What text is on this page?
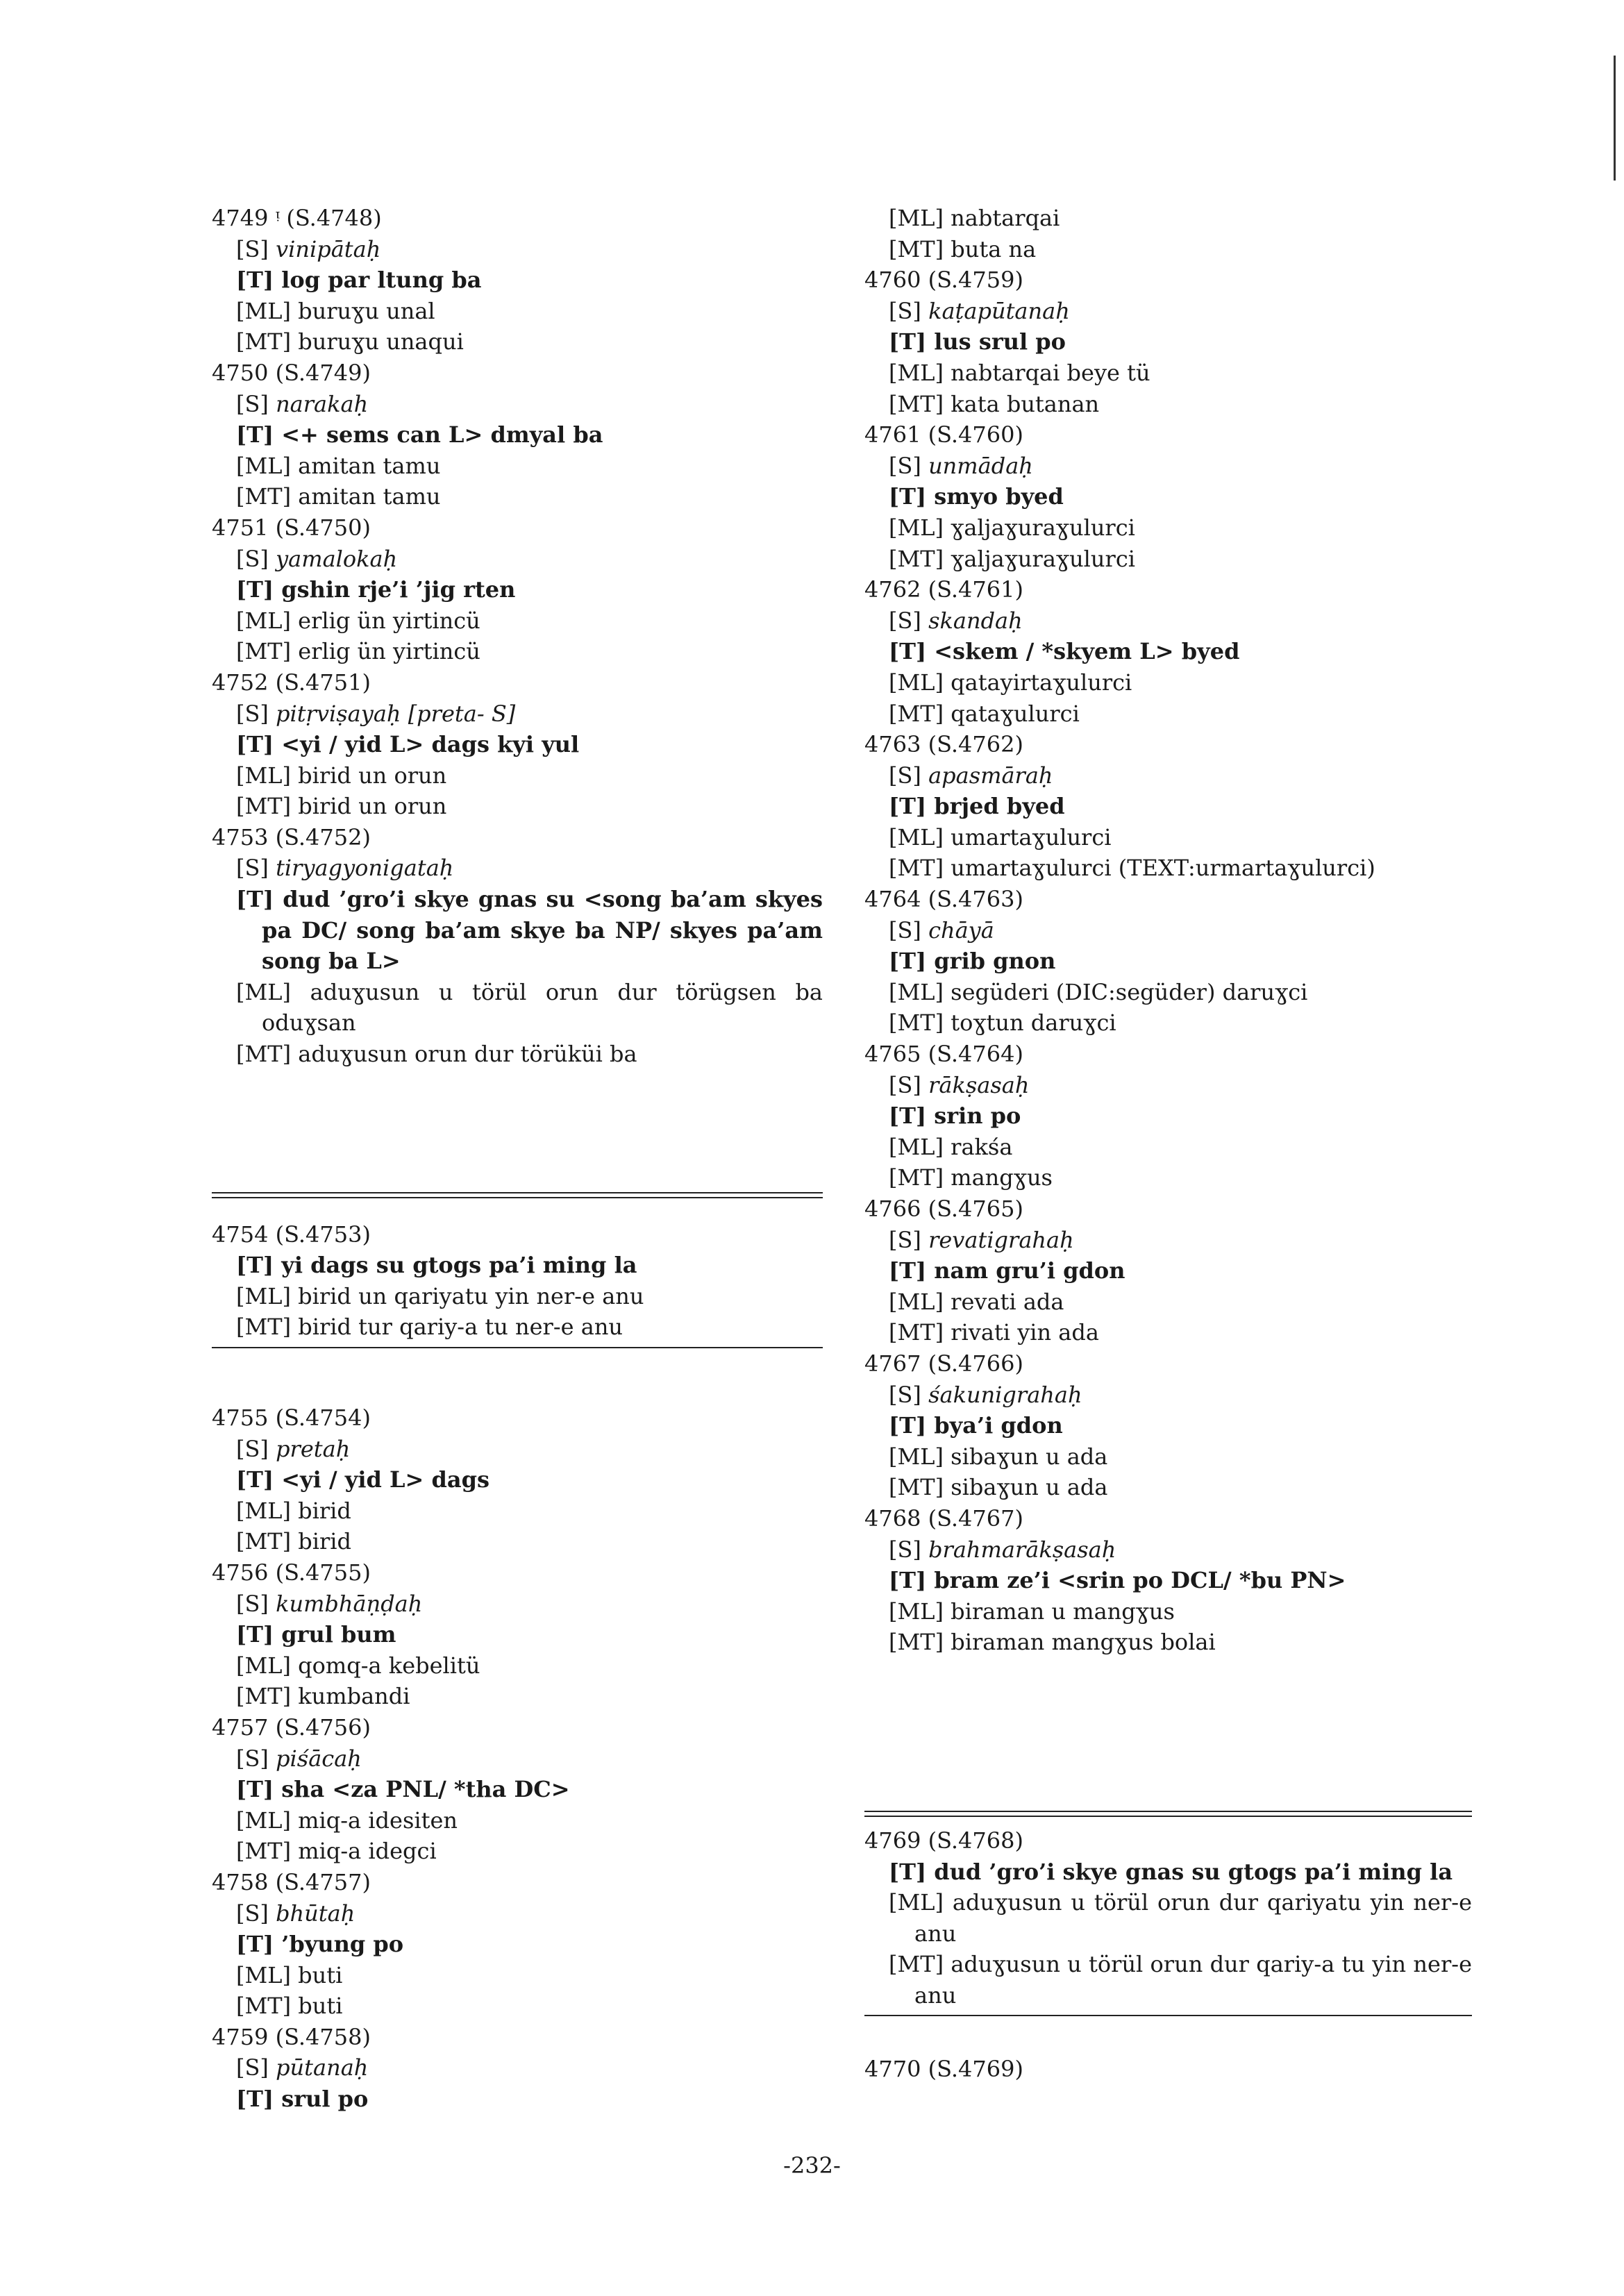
4749 ᵎ (S.4748)
[S] vinipātaḥ
[T] log par ltung ba
[ML] buruɣu unal
[MT] buruɣu unaqui
4750 (S.4749)
[S] narakaḥ
[T] <+ sems can L> dmyal ba
[ML] amitan tamu
[MT] amitan tamu
4751 (S.4750)
[S] yamalokaḥ
[T] gshin rje’i ’jig rten
[ML] erlig ün yirtincü
[MT] erlig ün yirtincü
4752 (S.4751)
[S] pitṛviṣayaḥ [preta- S]
[T] <yi / yid L> dags kyi yul
[ML] birid un orun
[MT] birid un orun
4753 (S.4752)
[S] tiryagyonigataḥ
[T] dud ’gro’i skye gnas su <song ba’am skyes pa DC/ song ba’am skye ba NP/ skyes pa’am song ba L>
[ML] aduɣusun u törül orun dur törügsen ba oduɣsan
[MT] aduɣusun orun dur törüküi ba
4754 (S.4753)
[T] yi dags su gtogs pa’i ming la
[ML] birid un qariyatu yin ner-e anu
[MT] birid tur qariy-a tu ner-e anu
4755 (S.4754)
[S] pretaḥ
[T] <yi / yid L> dags
[ML] birid
[MT] birid
4756 (S.4755)
[S] kumbhāṇḍaḥ
[T] grul bum
[ML] qomq-a kebelitü
[MT] kumbandi
4757 (S.4756)
[S] piśācaḥ
[T] sha <za PNL/ *tha DC>
[ML] miq-a idesiten
[MT] miq-a idegci
4758 (S.4757)
[S] bhūtaḥ
[T] ’byung po
[ML] buti
[MT] buti
4759 (S.4758)
[S] pūtanaḥ
[T] srul po
[ML] nabtarqai
[MT] buta na
4760 (S.4759)
[S] kaṭapūtanaḥ
[T] lus srul po
[ML] nabtarqai beye tü
[MT] kata butanan
4761 (S.4760)
[S] unmādaḥ
[T] smyo byed
[ML] ɣaljaɣuraɣulurci
[MT] ɣaljaɣuraɣulurci
4762 (S.4761)
[S] skandaḥ
[T] <skem / *skyem L> byed
[ML] qatayirtaɣulurci
[MT] qataɣulurci
4763 (S.4762)
[S] apasmāraḥ
[T] brjed byed
[ML] umartaɣulurci
[MT] umartaɣulurci (TEXT:urmartaɣulurci)
4764 (S.4763)
[S] chāyā
[T] grib gnon
[ML] següderi (DIC:següder) daruɣci
[MT] toɣtun daruɣci
4765 (S.4764)
[S] rākṣasaḥ
[T] srin po
[ML] rakśa
[MT] mangɣus
4766 (S.4765)
[S] revatigrahaḥ
[T] nam gru’i gdon
[ML] revati ada
[MT] rivati yin ada
4767 (S.4766)
[S] śakunigrahaḥ
[T] bya’i gdon
[ML] sibaɣun u ada
[MT] sibaɣun u ada
4768 (S.4767)
[S] brahmarākṣasaḥ
[T] bram ze’i <srin po DCL/ *bu PN>
[ML] biraman u mangɣus
[MT] biraman mangɣus bolai
4769 (S.4768)
[T] dud ’gro’i skye gnas su gtogs pa’i ming la
[ML] aduɣusun u törül orun dur qariyatu yin ner-e anu
[MT] aduɣusun u törül orun dur qariy-a tu yin ner-e anu
4770 (S.4769)
-232-
